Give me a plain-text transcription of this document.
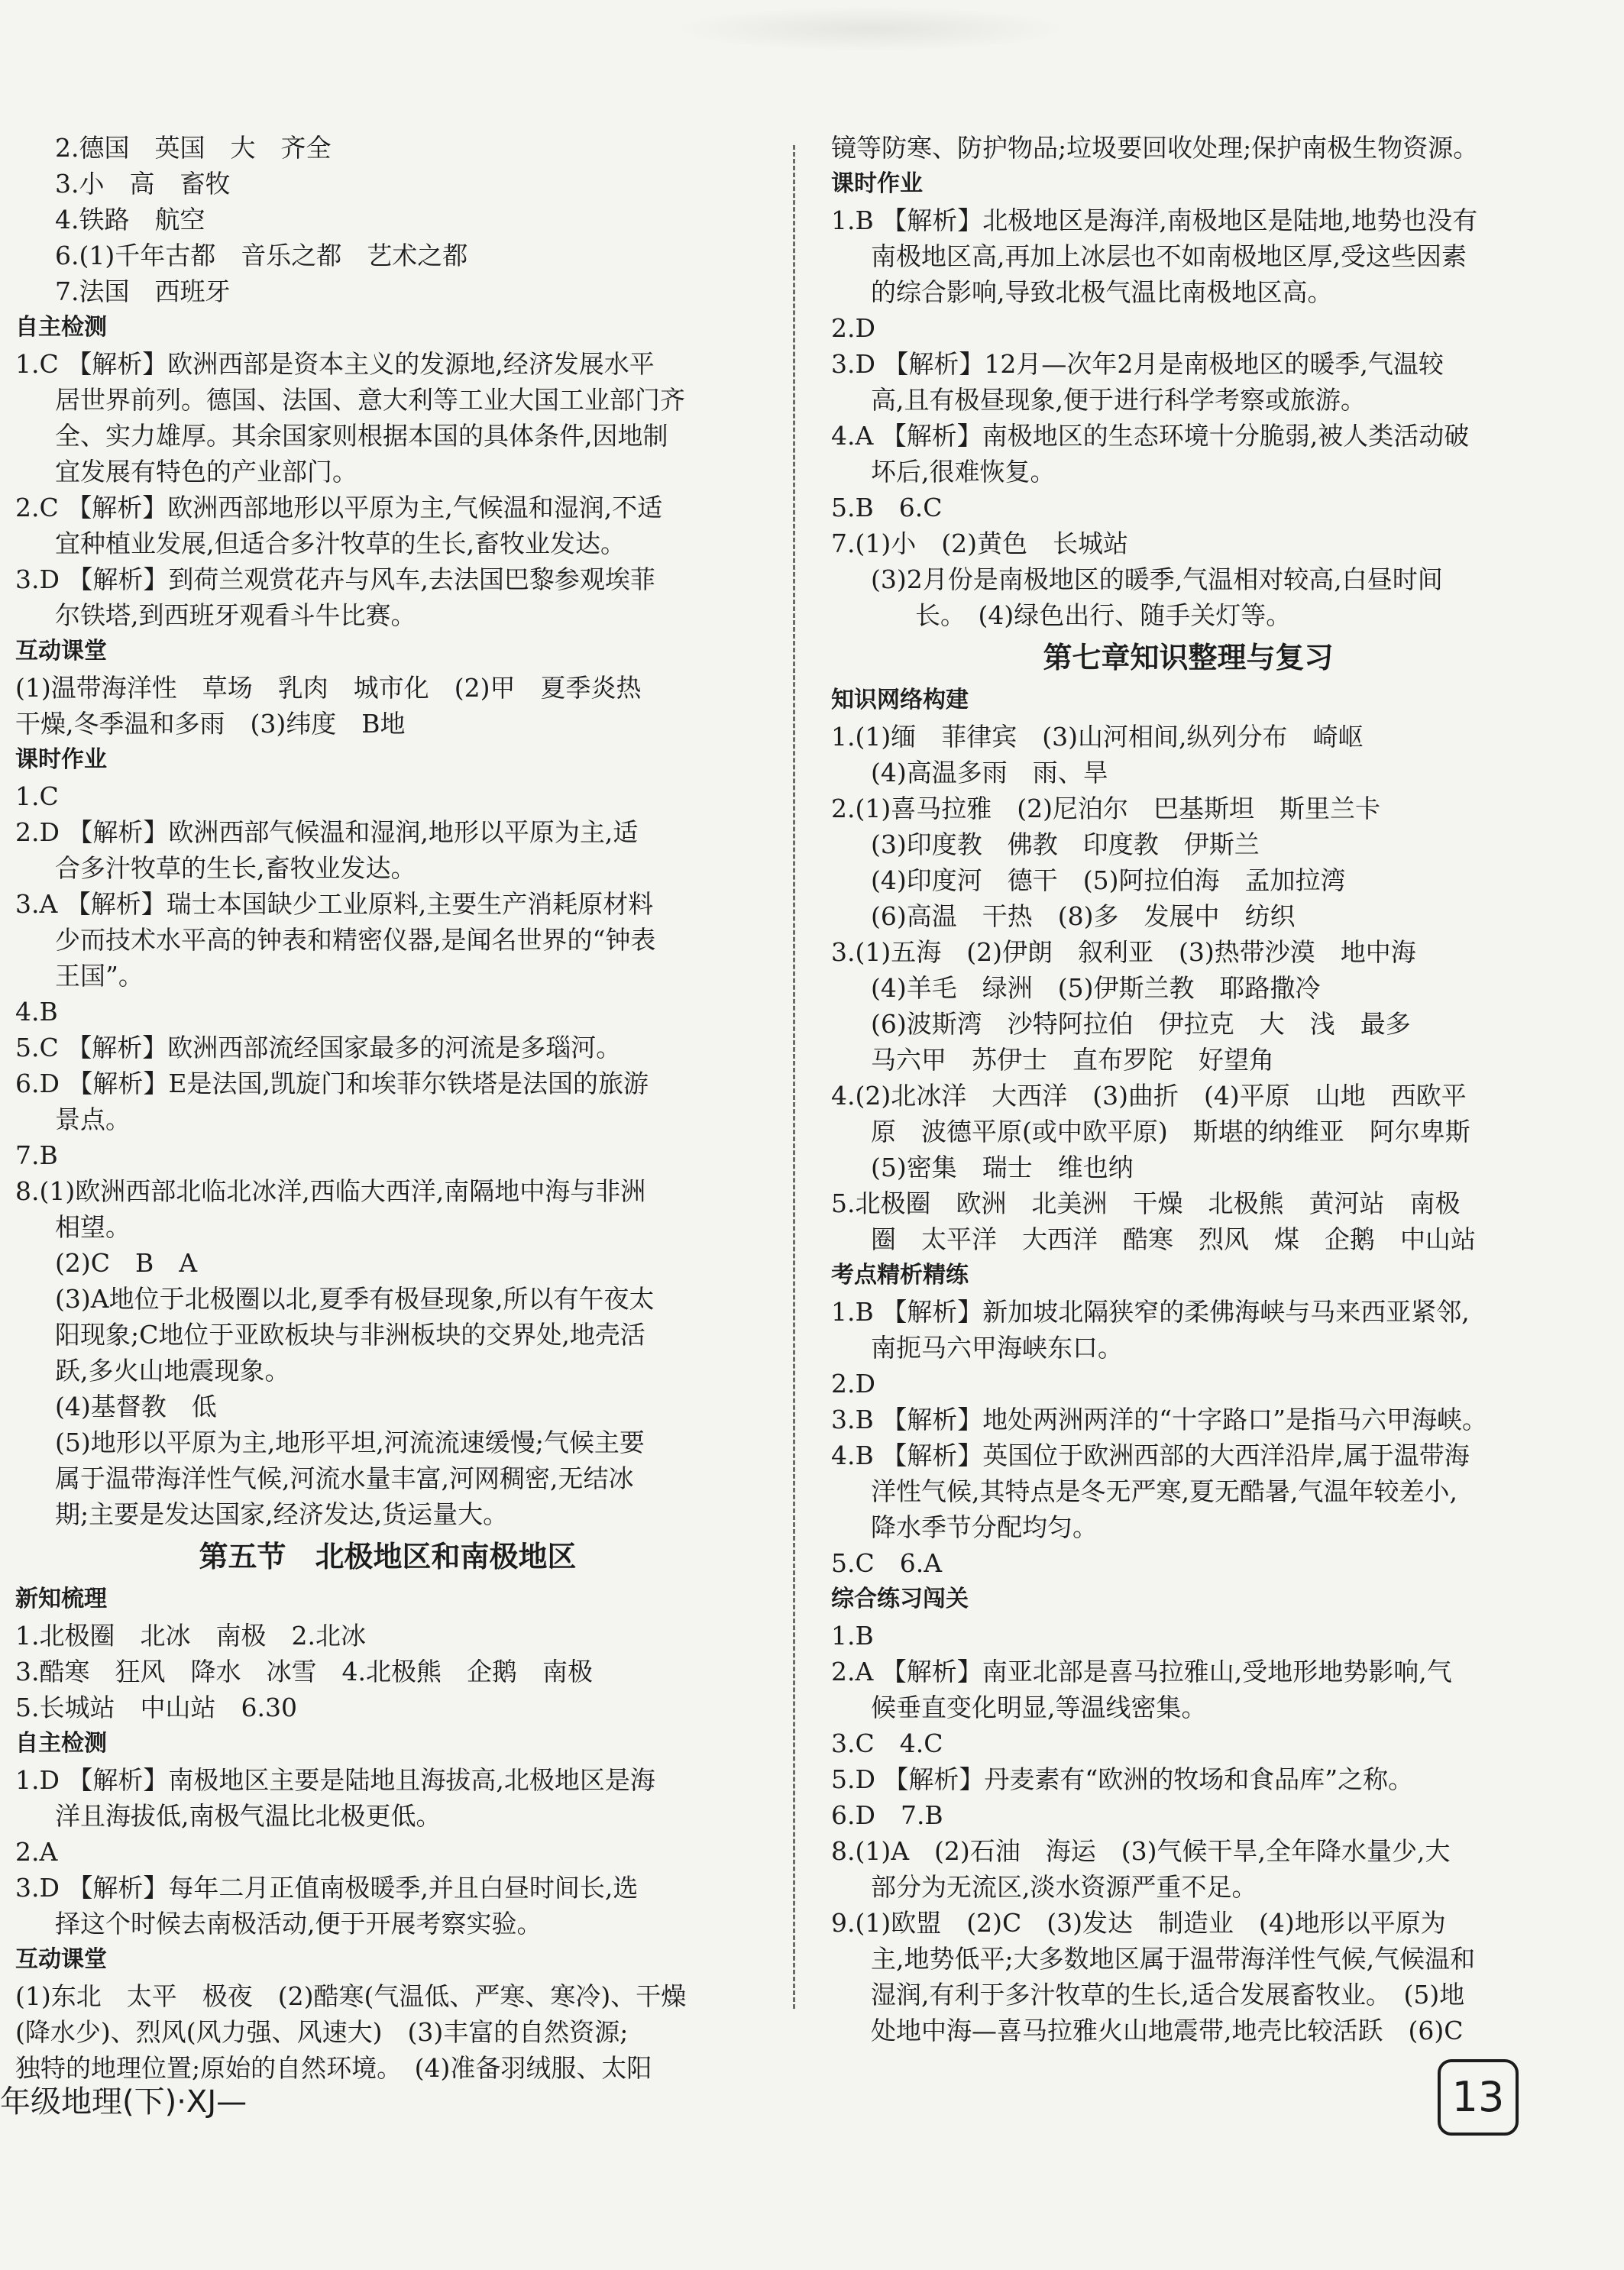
2.德国　英国　大　齐全
3.小　高　畜牧
4.铁路　航空
6.(1)千年古都　音乐之都　艺术之都
7.法国　西班牙
自主检测
1.C 【解析】欧洲西部是资本主义的发源地,经济发展水平
居世界前列。德国、法国、意大利等工业大国工业部门齐
全、实力雄厚。其余国家则根据本国的具体条件,因地制
宜发展有特色的产业部门。
2.C 【解析】欧洲西部地形以平原为主,气候温和湿润,不适
宜种植业发展,但适合多汁牧草的生长,畜牧业发达。
3.D 【解析】到荷兰观赏花卉与风车,去法国巴黎参观埃菲
尔铁塔,到西班牙观看斗牛比赛。
互动课堂
(1)温带海洋性　草场　乳肉　城市化　(2)甲　夏季炎热
干燥,冬季温和多雨　(3)纬度　B地
课时作业
1.C
2.D 【解析】欧洲西部气候温和湿润,地形以平原为主,适
合多汁牧草的生长,畜牧业发达。
3.A 【解析】瑞士本国缺少工业原料,主要生产消耗原材料
少而技术水平高的钟表和精密仪器,是闻名世界的“钟表
王国”。
4.B
5.C 【解析】欧洲西部流经国家最多的河流是多瑙河。
6.D 【解析】E是法国,凯旋门和埃菲尔铁塔是法国的旅游
景点。
7.B
8.(1)欧洲西部北临北冰洋,西临大西洋,南隔地中海与非洲
相望。
(2)C　B　A
(3)A地位于北极圈以北,夏季有极昼现象,所以有午夜太
阳现象;C地位于亚欧板块与非洲板块的交界处,地壳活
跃,多火山地震现象。
(4)基督教　低
(5)地形以平原为主,地形平坦,河流流速缓慢;气候主要
属于温带海洋性气候,河流水量丰富,河网稠密,无结冰
期;主要是发达国家,经济发达,货运量大。
第五节　北极地区和南极地区
新知梳理
1.北极圈　北冰　南极　2.北冰
3.酷寒　狂风　降水　冰雪　4.北极熊　企鹅　南极
5.长城站　中山站　6.30
自主检测
1.D 【解析】南极地区主要是陆地且海拔高,北极地区是海
洋且海拔低,南极气温比北极更低。
2.A
3.D 【解析】每年二月正值南极暖季,并且白昼时间长,选
择这个时候去南极活动,便于开展考察实验。
互动课堂
(1)东北　太平　极夜　(2)酷寒(气温低、严寒、寒冷)、干燥
(降水少)、烈风(风力强、风速大)　(3)丰富的自然资源;
独特的地理位置;原始的自然环境。　(4)准备羽绒服、太阳
镜等防寒、防护物品;垃圾要回收处理;保护南极生物资源。
课时作业
1.B 【解析】北极地区是海洋,南极地区是陆地,地势也没有
南极地区高,再加上冰层也不如南极地区厚,受这些因素
的综合影响,导致北极气温比南极地区高。
2.D
3.D 【解析】12月—次年2月是南极地区的暖季,气温较
高,且有极昼现象,便于进行科学考察或旅游。
4.A 【解析】南极地区的生态环境十分脆弱,被人类活动破
坏后,很难恢复。
5.B　6.C
7.(1)小　(2)黄色　长城站
(3)2月份是南极地区的暖季,气温相对较高,白昼时间
长。　(4)绿色出行、随手关灯等。
第七章知识整理与复习
知识网络构建
1.(1)缅　菲律宾　(3)山河相间,纵列分布　崎岖
(4)高温多雨　雨、旱
2.(1)喜马拉雅　(2)尼泊尔　巴基斯坦　斯里兰卡
(3)印度教　佛教　印度教　伊斯兰
(4)印度河　德干　(5)阿拉伯海　孟加拉湾
(6)高温　干热　(8)多　发展中　纺织
3.(1)五海　(2)伊朗　叙利亚　(3)热带沙漠　地中海
(4)羊毛　绿洲　(5)伊斯兰教　耶路撒冷
(6)波斯湾　沙特阿拉伯　伊拉克　大　浅　最多
马六甲　苏伊士　直布罗陀　好望角
4.(2)北冰洋　大西洋　(3)曲折　(4)平原　山地　西欧平
原　波德平原(或中欧平原)　斯堪的纳维亚　阿尔卑斯
(5)密集　瑞士　维也纳
5.北极圈　欧洲　北美洲　干燥　北极熊　黄河站　南极
圈　太平洋　大西洋　酷寒　烈风　煤　企鹅　中山站
考点精析精练
1.B 【解析】新加坡北隔狭窄的柔佛海峡与马来西亚紧邻,
南扼马六甲海峡东口。
2.D
3.B 【解析】地处两洲两洋的“十字路口”是指马六甲海峡。
4.B 【解析】英国位于欧洲西部的大西洋沿岸,属于温带海
洋性气候,其特点是冬无严寒,夏无酷暑,气温年较差小,
降水季节分配均匀。
5.C　6.A
综合练习闯关
1.B
2.A 【解析】南亚北部是喜马拉雅山,受地形地势影响,气
候垂直变化明显,等温线密集。
3.C　4.C
5.D 【解析】丹麦素有“欧洲的牧场和食品库”之称。
6.D　7.B
8.(1)A　(2)石油　海运　(3)气候干旱,全年降水量少,大
部分为无流区,淡水资源严重不足。
9.(1)欧盟　(2)C　(3)发达　制造业　(4)地形以平原为
主,地势低平;大多数地区属于温带海洋性气候,气候温和
湿润,有利于多汁牧草的生长,适合发展畜牧业。　(5)地
处地中海—喜马拉雅火山地震带,地壳比较活跃　(6)C
年级地理(下)·XJ—	13
